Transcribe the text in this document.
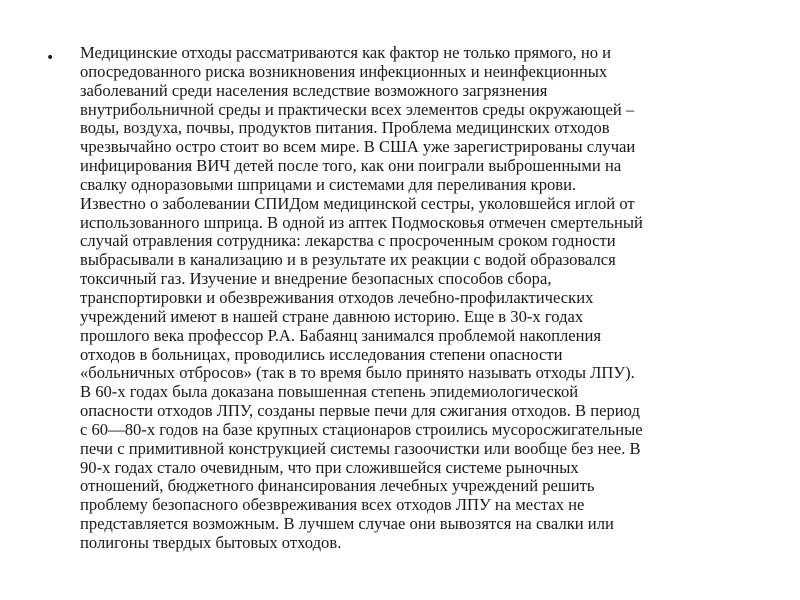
• Медицинские отходы рассматриваются как фактор не только прямого, но и
опосредованного риска возникновения инфекционных и неинфекционных
заболеваний среди населения вследствие возможного загрязнения
внутрибольничной среды и практически всех элементов среды окружающей –
воды, воздуха, почвы, продуктов питания. Проблема медицинских отходов
чрезвычайно остро стоит во всем мире. В США уже зарегистрированы случаи
инфицирования ВИЧ детей после того, как они поиграли выброшенными на
свалку одноразовыми шприцами и системами для переливания крови.
Известно о заболевании СПИДом медицинской сестры, уколовшейся иглой от
использованного шприца. В одной из аптек Подмосковья отмечен смертельный
случай отравления сотрудника: лекарства с просроченным сроком годности
выбрасывали в канализацию и в результате их реакции с водой образовался
токсичный газ. Изучение и внедрение безопасных способов сбора,
транспортировки и обезвреживания отходов лечебно-профилактических
учреждений имеют в нашей стране давнюю историю. Еще в 30-х годах
прошлого века профессор Р.А. Бабаянц занимался проблемой накопления
отходов в больницах, проводились исследования степени опасности
«больничных отбросов» (так в то время было принято называть отходы ЛПУ).
В 60-х годах была доказана повышенная степень эпидемиологической
опасности отходов ЛПУ, созданы первые печи для сжигания отходов. В период
с 60—80-х годов на базе крупных стационаров строились мусоросжигательные
печи с примитивной конструкцией системы газоочистки или вообще без нее. В
90-х годах стало очевидным, что при сложившейся системе рыночных
отношений, бюджетного финансирования лечебных учреждений решить
проблему безопасного обезвреживания всех отходов ЛПУ на местах не
представляется возможным. В лучшем случае они вывозятся на свалки или
полигоны твердых бытовых отходов.
